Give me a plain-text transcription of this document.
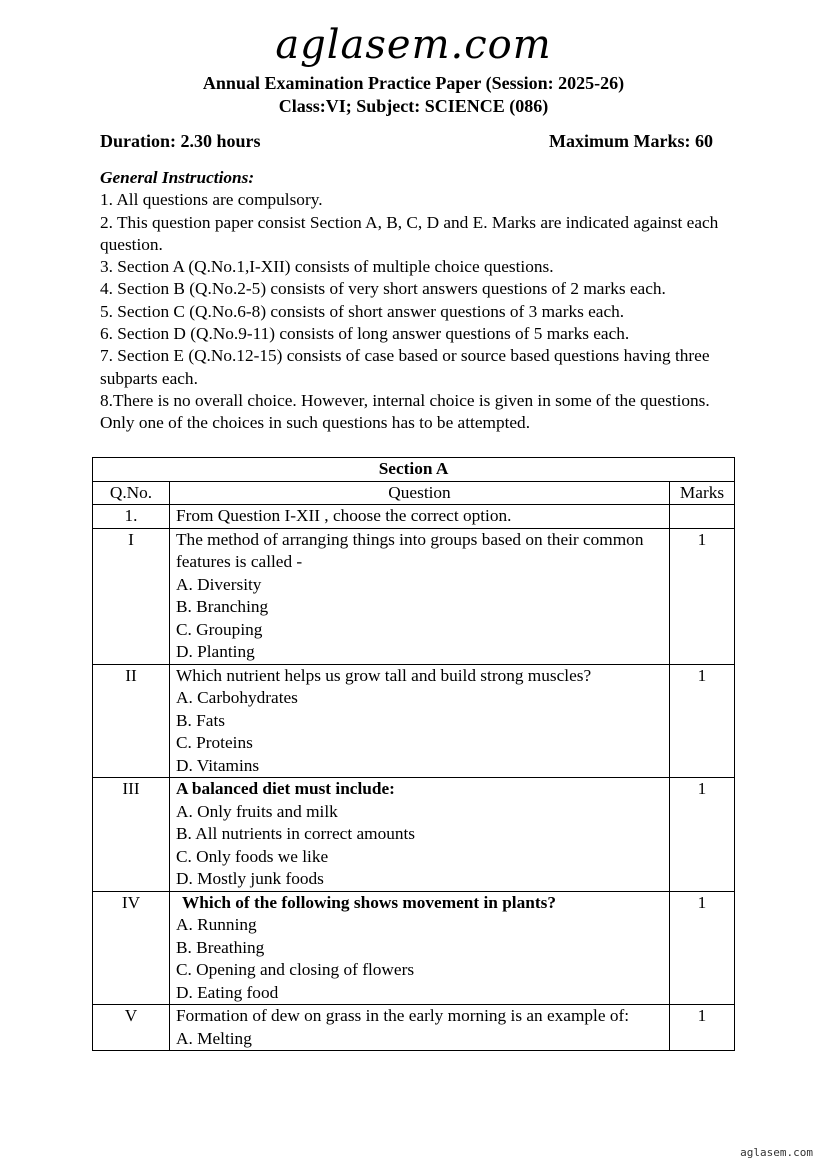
aglasem.com
Annual Examination Practice Paper (Session: 2025-26)
Class:VI; Subject: SCIENCE (086)
Duration: 2.30 hours	Maximum Marks: 60

General Instructions:

1. All questions are compulsory.

2. This question paper consist Section A, B, C, D and E. Marks are indicated against each question.

3. Section A (Q.No.1,I-XII) consists of multiple choice questions.

4. Section B (Q.No.2-5) consists of very short answers questions of 2 marks each.

5. Section C (Q.No.6-8) consists of short answer questions of 3 marks each.

6. Section D (Q.No.9-11) consists of long answer questions of 5 marks each.

7. Section E (Q.No.12-15) consists of case based or source based questions having three subparts each.

8.There is no overall choice. However, internal choice is given in some of the questions. Only one of the choices in such questions has to be attempted.

Section A		
Q.No.	Question	Marks
1.	From Question I-XII , choose the correct option.	
I	The method of arranging things into groups based on their common features is called -
A. Diversity
B. Branching
C. Grouping
D. Planting	1
II	Which nutrient helps us grow tall and build strong muscles?
A. Carbohydrates
B. Fats
C. Proteins
D. Vitamins	1
III	A balanced diet must include:
A. Only fruits and milk
B. All nutrients in correct amounts
C. Only foods we like
D. Mostly junk foods	1
IV	Which of the following shows movement in plants?
A. Running
B. Breathing
C. Opening and closing of flowers
D. Eating food	1
V	Formation of dew on grass in the early morning is an example of:
A. Melting	1
aglasem.com
